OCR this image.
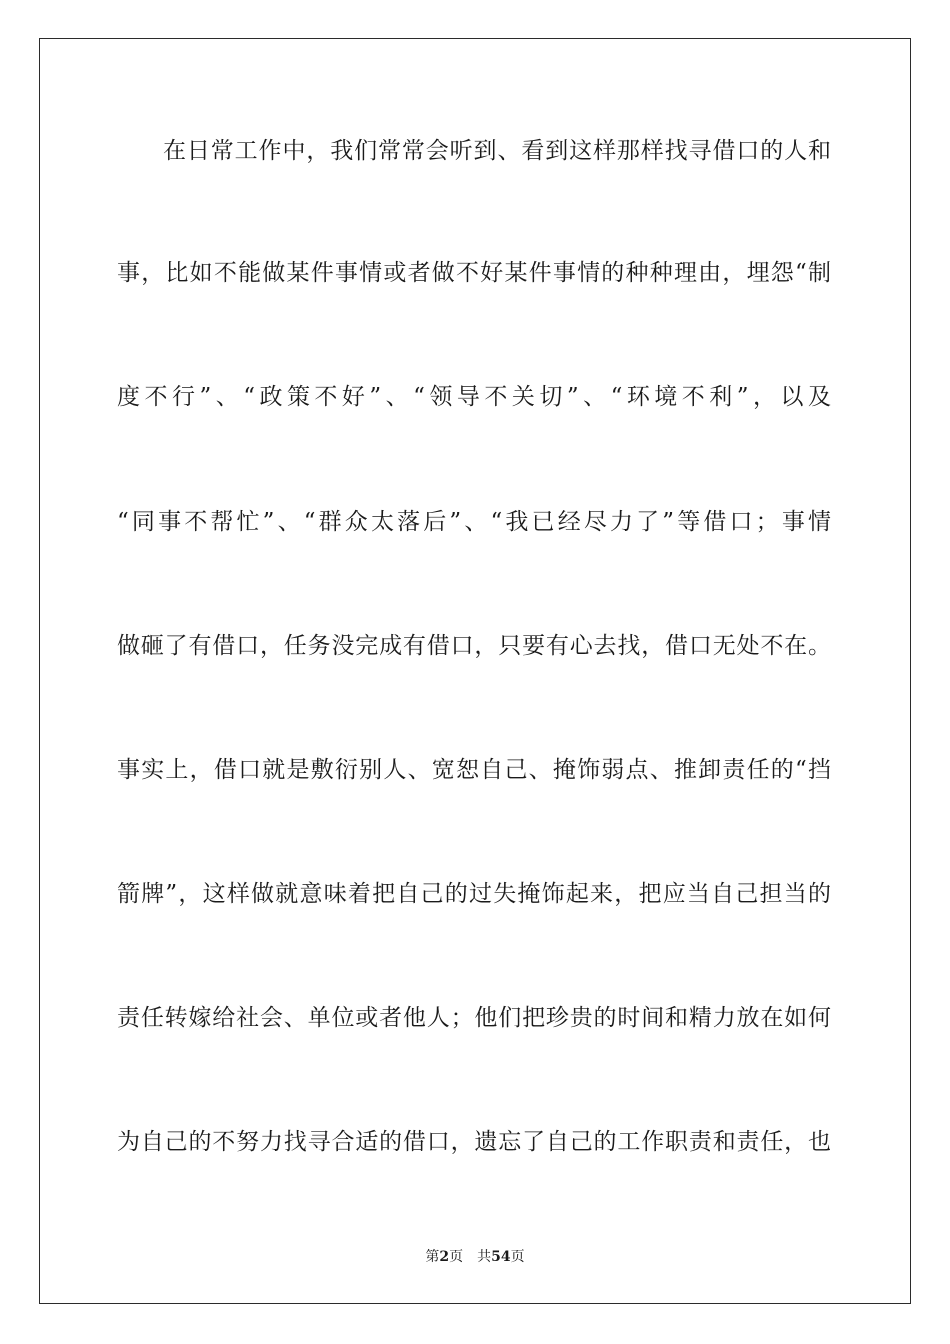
在日常工作中，我们常常会听到、看到这样那样找寻借口的人和
事，比如不能做某件事情或者做不好某件事情的种种理由，埋怨“制
度不行”、“政策不好”、“领导不关切”、“环境不利”，以及
“同事不帮忙”、“群众太落后”、“我已经尽力了”等借口；事情
做砸了有借口，任务没完成有借口，只要有心去找，借口无处不在。
事实上，借口就是敷衍别人、宽恕自己、掩饰弱点、推卸责任的“挡
箭牌”，这样做就意味着把自己的过失掩饰起来，把应当自己担当的
责任转嫁给社会、单位或者他人；他们把珍贵的时间和精力放在如何
为自己的不努力找寻合适的借口，遗忘了自己的工作职责和责任，也
第2页 共54页
